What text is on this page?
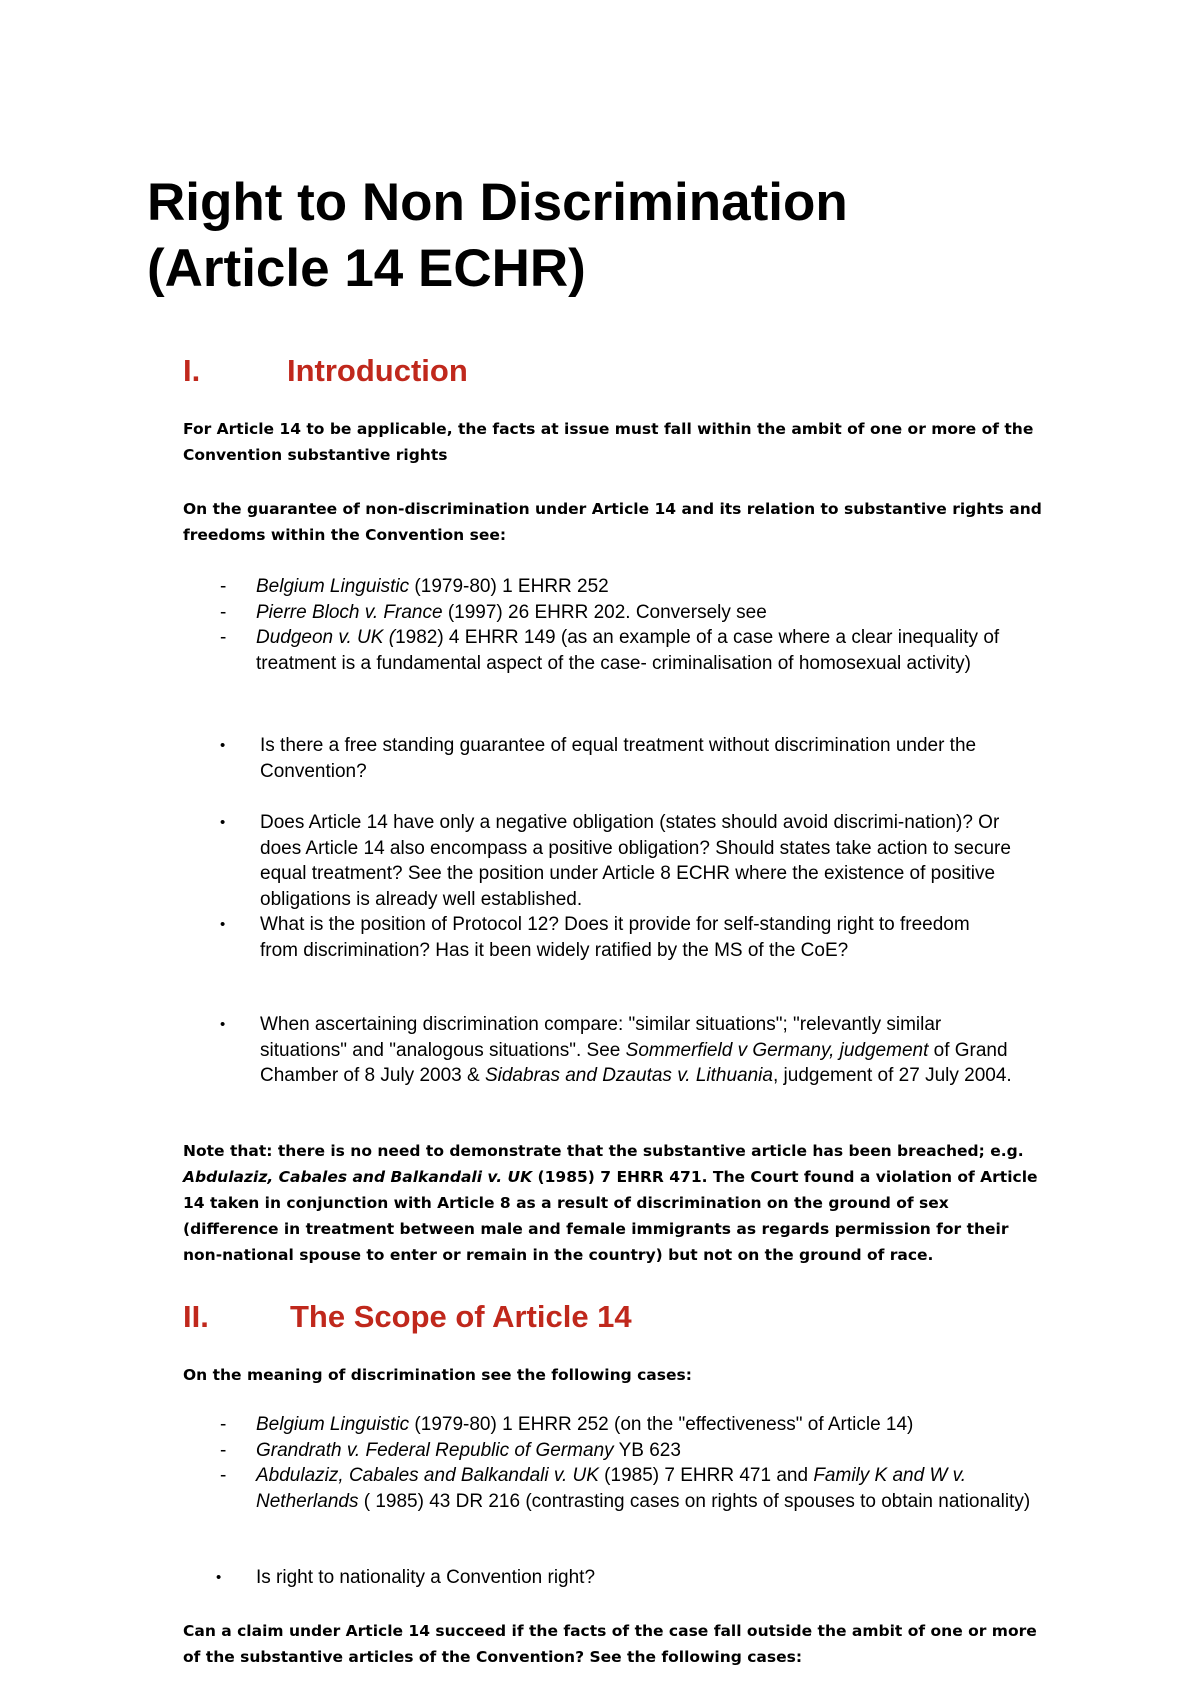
Right to Non Discrimination
(Article 14 ECHR)
I.	Introduction

For Article 14 to be applicable, the facts at issue must fall within the ambit of one or more of the Convention substantive rights

On the guarantee of non-discrimination under Article 14 and its relation to substantive rights and freedoms within the Convention see:

- Belgium Linguistic (1979-80) 1 EHRR 252
- Pierre Bloch v. France (1997) 26 EHRR 202. Conversely see
- Dudgeon v. UK (1982) 4 EHRR 149 (as an example of a case where a clear inequality of treatment is a fundamental aspect of the case- criminalisation of homosexual activity)
• Is there a free standing guarantee of equal treatment without discrimination under the Convention?
• Does Article 14 have only a negative obligation (states should avoid discrimi-nation)? Or does Article 14 also encompass a positive obligation? Should states take action to secure equal treatment? See the position under Article 8 ECHR where the existence of positive obligations is already well established.
• What is the position of Protocol 12? Does it provide for self-standing right to freedom from discrimination? Has it been widely ratified by the MS of the CoE?
• When ascertaining discrimination compare: "similar situations"; "relevantly similar situations" and "analogous situations". See Sommerfield v Germany, judgement of Grand Chamber of 8 July 2003 & Sidabras and Dzautas v. Lithuania, judgement of 27 July 2004.

Note that: there is no need to demonstrate that the substantive article has been breached; e.g. Abdulaziz, Cabales and Balkandali v. UK (1985) 7 EHRR 471. The Court found a violation of Article 14 taken in conjunction with Article 8 as a result of discrimination on the ground of sex (difference in treatment between male and female immigrants as regards permission for their non-national spouse to enter or remain in the country) but not on the ground of race.

II.	The Scope of Article 14

On the meaning of discrimination see the following cases:

- Belgium Linguistic (1979-80) 1 EHRR 252 (on the "effectiveness" of Article 14)
- Grandrath v. Federal Republic of Germany YB 623
- Abdulaziz, Cabales and Balkandali v. UK (1985) 7 EHRR 471 and Family K and W v. Netherlands ( 1985) 43 DR 216 (contrasting cases on rights of spouses to obtain nationality)
• Is right to nationality a Convention right?

Can a claim under Article 14 succeed if the facts of the case fall outside the ambit of one or more of the substantive articles of the Convention? See the following cases:
